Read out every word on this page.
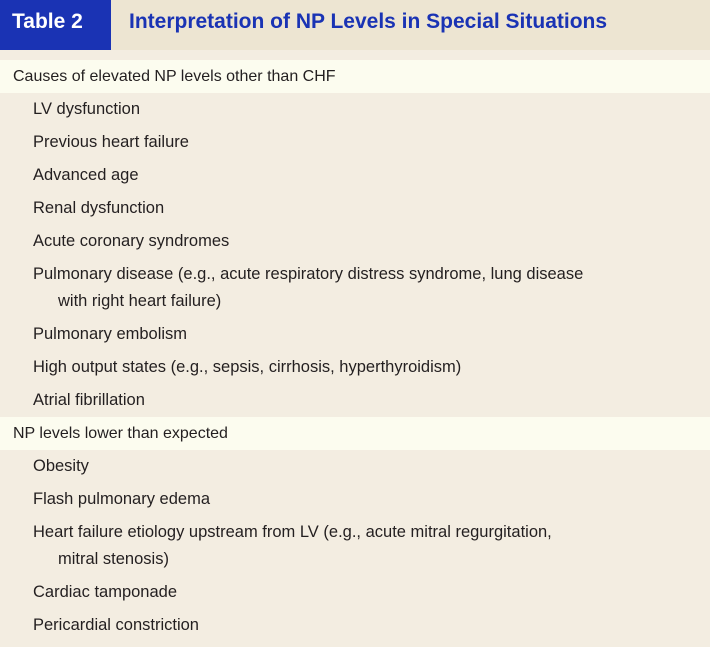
Table 2	Interpretation of NP Levels in Special Situations
Causes of elevated NP levels other than CHF
LV dysfunction
Previous heart failure
Advanced age
Renal dysfunction
Acute coronary syndromes
Pulmonary disease (e.g., acute respiratory distress syndrome, lung disease
with right heart failure)
Pulmonary embolism
High output states (e.g., sepsis, cirrhosis, hyperthyroidism)
Atrial fibrillation
NP levels lower than expected
Obesity
Flash pulmonary edema
Heart failure etiology upstream from LV (e.g., acute mitral regurgitation,
mitral stenosis)
Cardiac tamponade
Pericardial constriction
